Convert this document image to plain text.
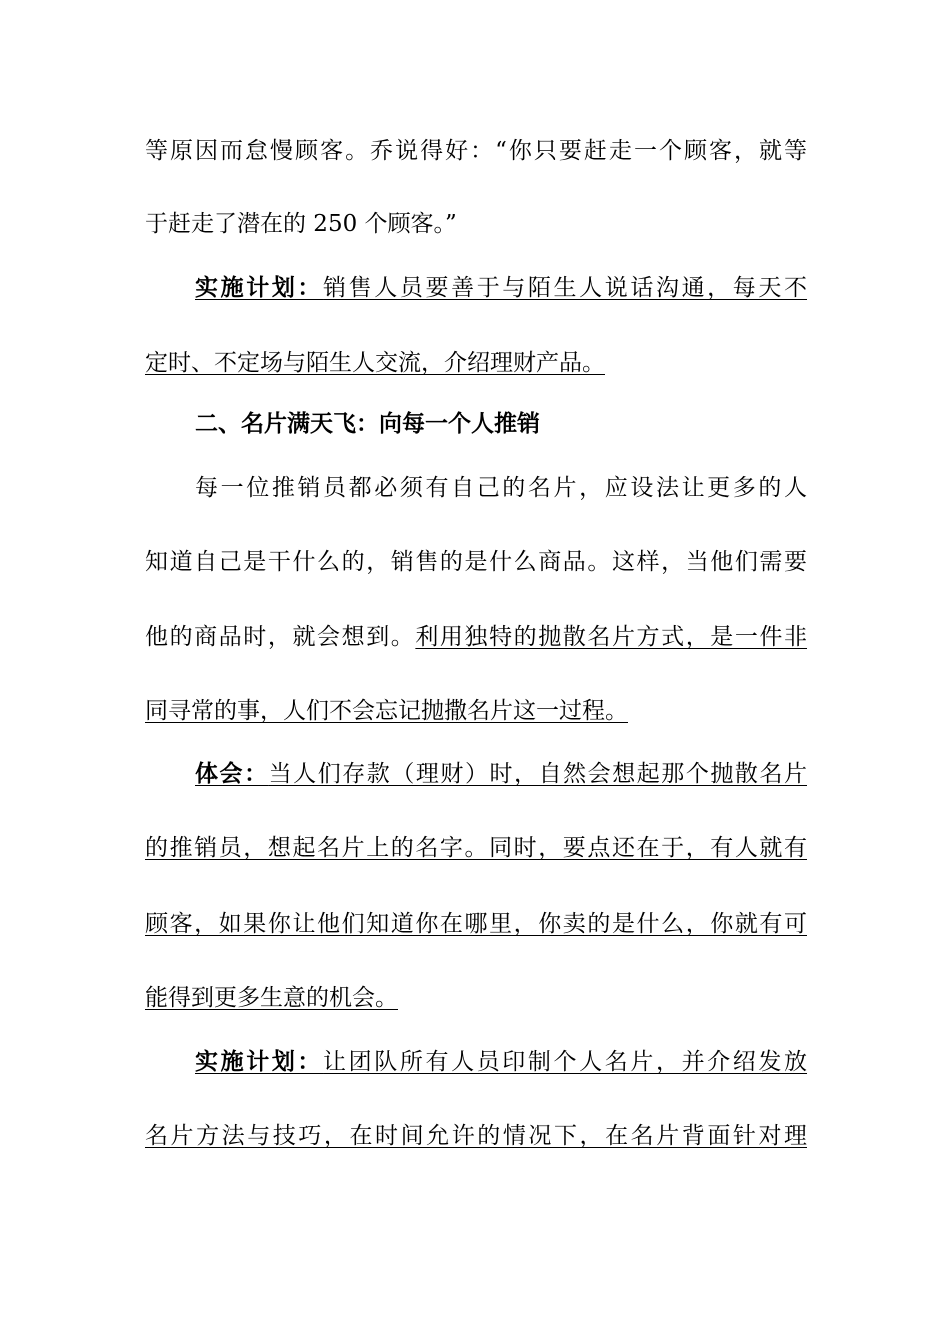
等原因而怠慢顾客。乔说得好：“你只要赶走一个顾客，就等
于赶走了潜在的 250 个顾客。”
实施计划：销售人员要善于与陌生人说话沟通，每天不
定时、不定场与陌生人交流，介绍理财产品。
二、名片满天飞：向每一个人推销
每一位推销员都必须有自己的名片，应设法让更多的人
知道自己是干什么的，销售的是什么商品。这样，当他们需要
他的商品时，就会想到。利用独特的抛散名片方式，是一件非
同寻常的事，人们不会忘记抛撒名片这一过程。
体会：当人们存款（理财）时，自然会想起那个抛散名片
的推销员，想起名片上的名字。同时，要点还在于，有人就有
顾客，如果你让他们知道你在哪里，你卖的是什么，你就有可
能得到更多生意的机会。
实施计划：让团队所有人员印制个人名片，并介绍发放
名片方法与技巧，在时间允许的情况下，在名片背面针对理
